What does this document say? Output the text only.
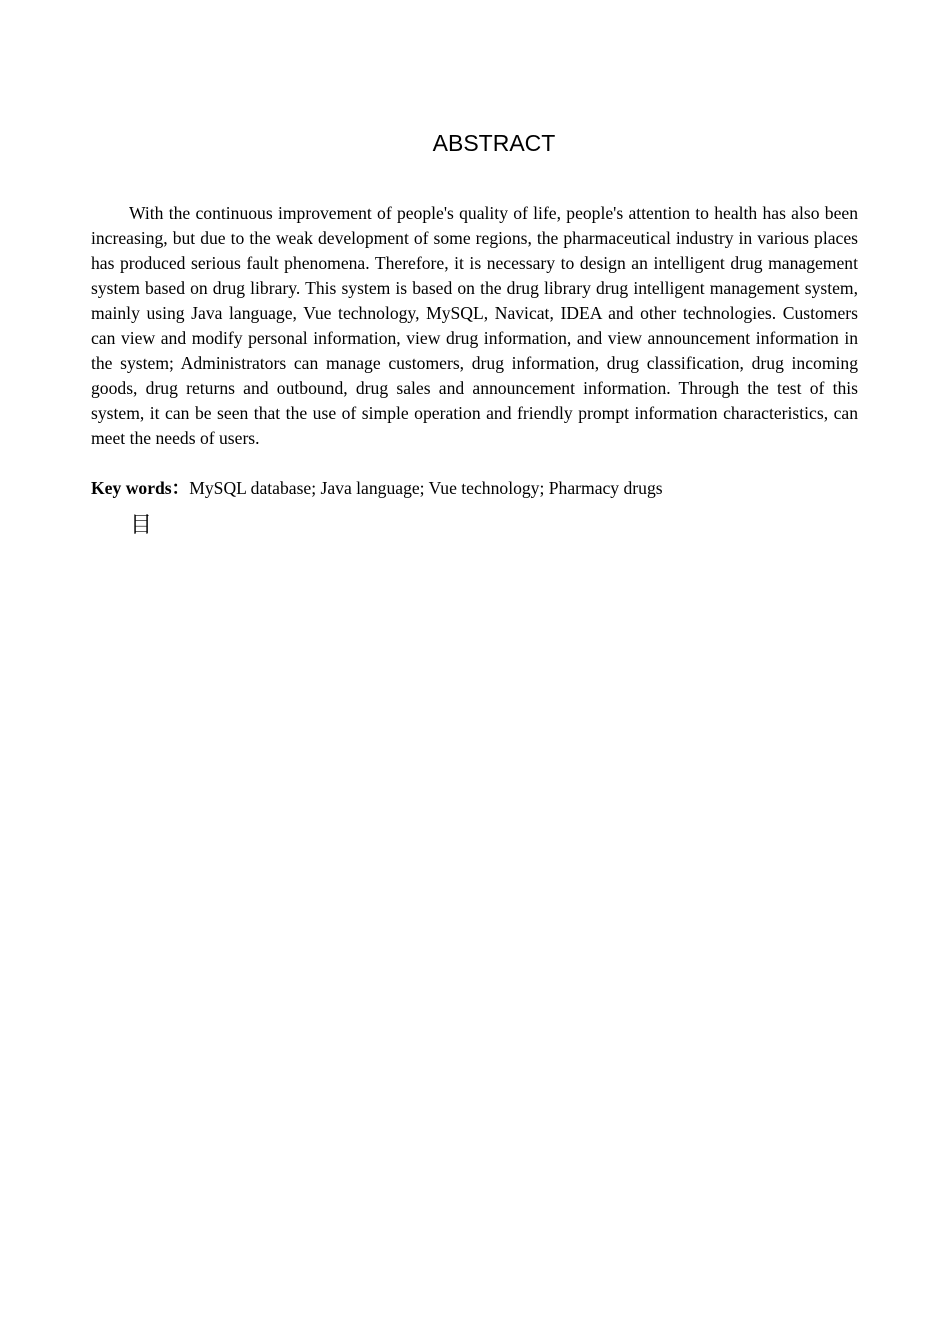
ABSTRACT

With the continuous improvement of people's quality of life, people's attention to health has also been increasing, but due to the weak development of some regions, the pharmaceutical industry in various places has produced serious fault phenomena. Therefore, it is necessary to design an intelligent drug management system based on drug library. This system is based on the drug library drug intelligent management system, mainly using Java language, Vue technology, MySQL, Navicat, IDEA and other technologies. Customers can view and modify personal information, view drug information, and view announcement information in the system; Administrators can manage customers, drug information, drug classification, drug incoming goods, drug returns and outbound, drug sales and announcement information. Through the test of this system, it can be seen that the use of simple operation and friendly prompt information characteristics, can meet the needs of users.

Key words：MySQL database; Java language; Vue technology; Pharmacy drugs

目
